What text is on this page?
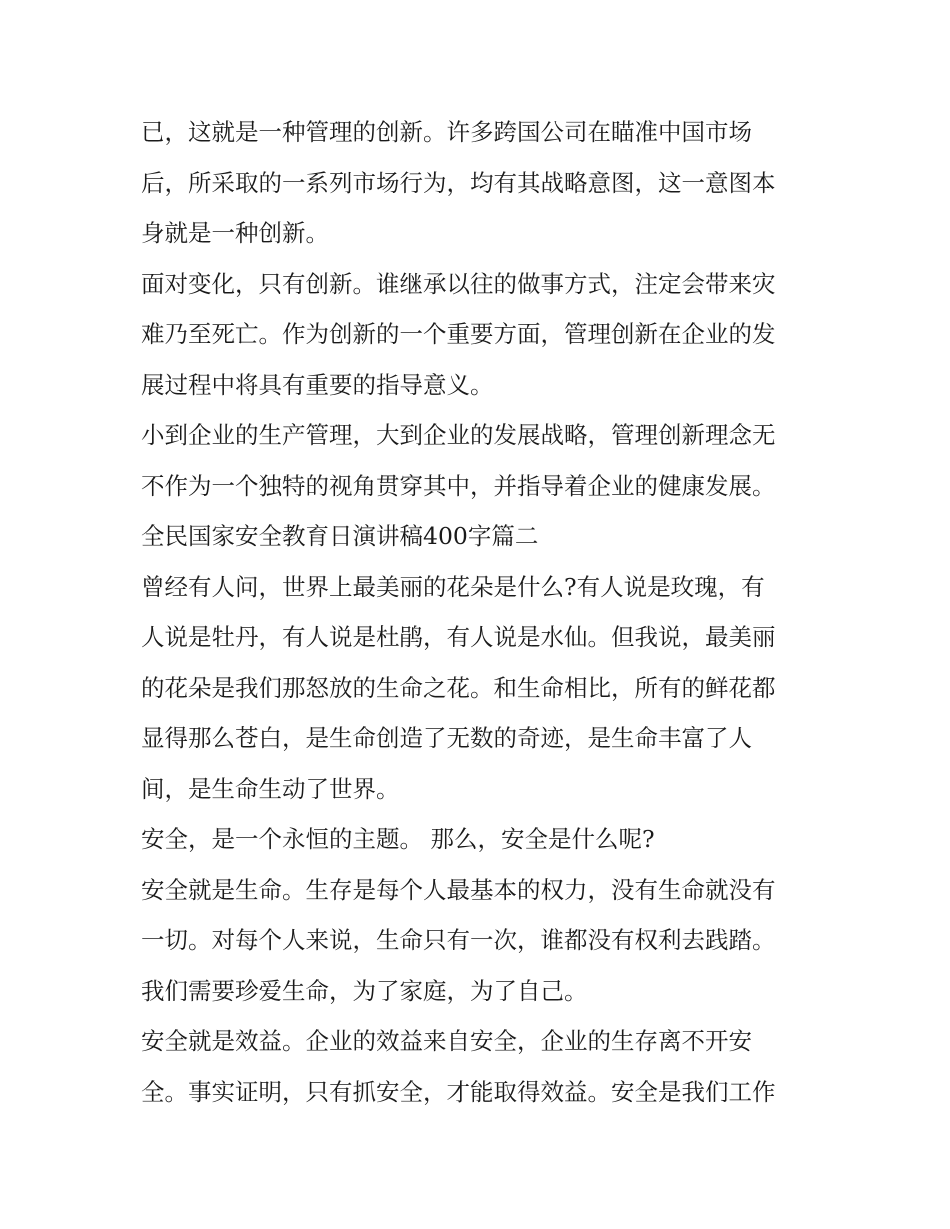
已，这就是一种管理的创新。许多跨国公司在瞄准中国市场
后，所采取的一系列市场行为，均有其战略意图，这一意图本
身就是一种创新。

面对变化，只有创新。谁继承以往的做事方式，注定会带来灾
难乃至死亡。作为创新的一个重要方面，管理创新在企业的发
展过程中将具有重要的指导意义。

小到企业的生产管理，大到企业的发展战略，管理创新理念无
不作为一个独特的视角贯穿其中，并指导着企业的健康发展。

全民国家安全教育日演讲稿400字篇二

曾经有人问，世界上最美丽的花朵是什么?有人说是玫瑰，有
人说是牡丹，有人说是杜鹃，有人说是水仙。但我说，最美丽
的花朵是我们那怒放的生命之花。和生命相比，所有的鲜花都
显得那么苍白，是生命创造了无数的奇迹，是生命丰富了人
间，是生命生动了世界。

安全，是一个永恒的主题。 那么，安全是什么呢?

安全就是生命。生存是每个人最基本的权力，没有生命就没有
一切。对每个人来说，生命只有一次，谁都没有权利去践踏。
我们需要珍爱生命，为了家庭，为了自己。

安全就是效益。企业的效益来自安全，企业的生存离不开安
全。事实证明，只有抓安全，才能取得效益。安全是我们工作
